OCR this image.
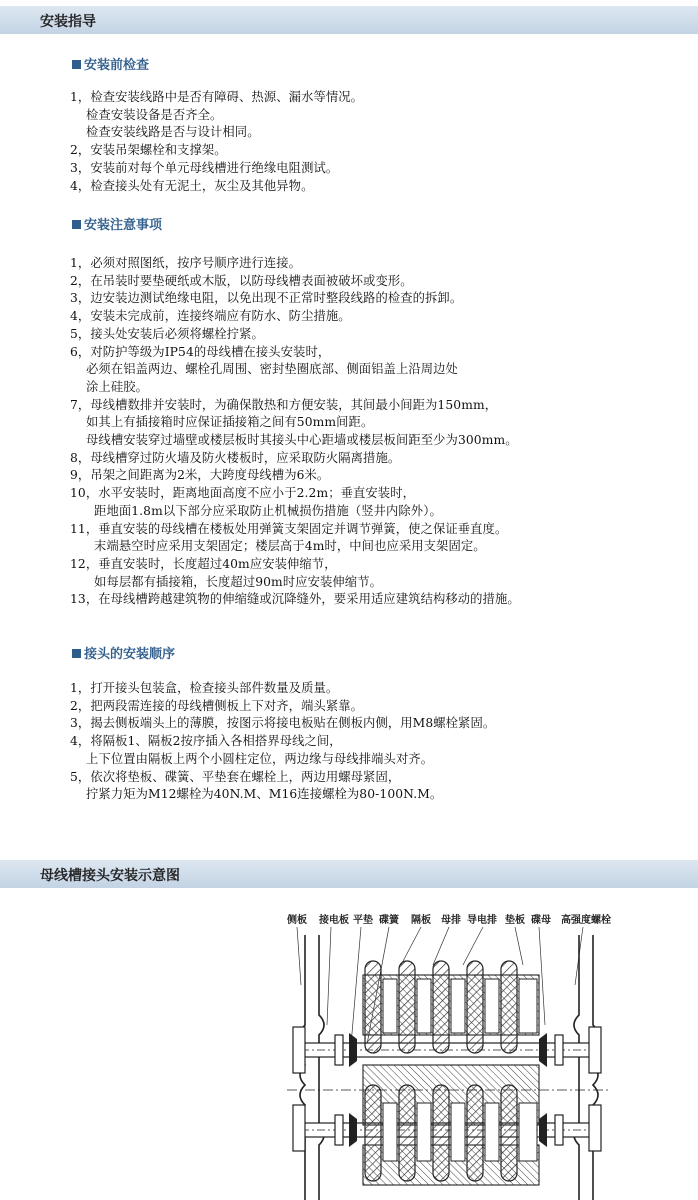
安装指导
安装前检查
1，检查安装线路中是否有障碍、热源、漏水等情况。
检查安装设备是否齐全。
检查安装线路是否与设计相同。
2，安装吊架螺栓和支撑架。
3，安装前对每个单元母线槽进行绝缘电阻测试。
4，检查接头处有无泥土，灰尘及其他异物。
安装注意事项
1，必须对照图纸，按序号顺序进行连接。
2，在吊装时要垫硬纸或木版，以防母线槽表面被破坏或变形。
3，边安装边测试绝缘电阻，以免出现不正常时整段线路的检查的拆卸。
4，安装未完成前，连接终端应有防水、防尘措施。
5，接头处安装后必须将螺栓拧紧。
6，对防护等级为IP54的母线槽在接头安装时，
必须在铝盖两边、螺栓孔周围、密封垫圈底部、侧面铝盖上沿周边处
涂上硅胶。
7，母线槽数排并安装时，为确保散热和方便安装，其间最小间距为150mm，
如其上有插接箱时应保证插接箱之间有50mm间距。
母线槽安装穿过墙壁或楼层板时其接头中心距墙或楼层板间距至少为300mm。
8，母线槽穿过防火墙及防火楼板时，应采取防火隔离措施。
9，吊架之间距离为2米，大跨度母线槽为6米。
10，水平安装时，距离地面高度不应小于2.2m；垂直安装时，
距地面1.8m以下部分应采取防止机械损伤措施（竖井内除外）。
11，垂直安装的母线槽在楼板处用弹簧支架固定并调节弹簧，使之保证垂直度。
末端悬空时应采用支架固定；楼层高于4m时，中间也应采用支架固定。
12，垂直安装时，长度超过40m应安装伸缩节，
如每层都有插接箱，长度超过90m时应安装伸缩节。
13，在母线槽跨越建筑物的伸缩缝或沉降缝外，要采用适应建筑结构移动的措施。
接头的安装顺序
1，打开接头包装盒，检查接头部件数量及质量。
2，把两段需连接的母线槽侧板上下对齐，端头紧靠。
3，揭去侧板端头上的薄膜，按图示将接电板贴在侧板内侧，用M8螺栓紧固。
4，将隔板1、隔板2按序插入各相搭界母线之间，
上下位置由隔板上两个小圆柱定位，两边缘与母线排端头对齐。
5，依次将垫板、碟簧、平垫套在螺栓上，两边用螺母紧固，
拧紧力矩为M12螺栓为40N.M、M16连接螺栓为80-100N.M。
母线槽接头安装示意图
侧板 接电板 平垫 碟簧 隔板 母排 导电排 垫板 碟母 高强度螺栓
